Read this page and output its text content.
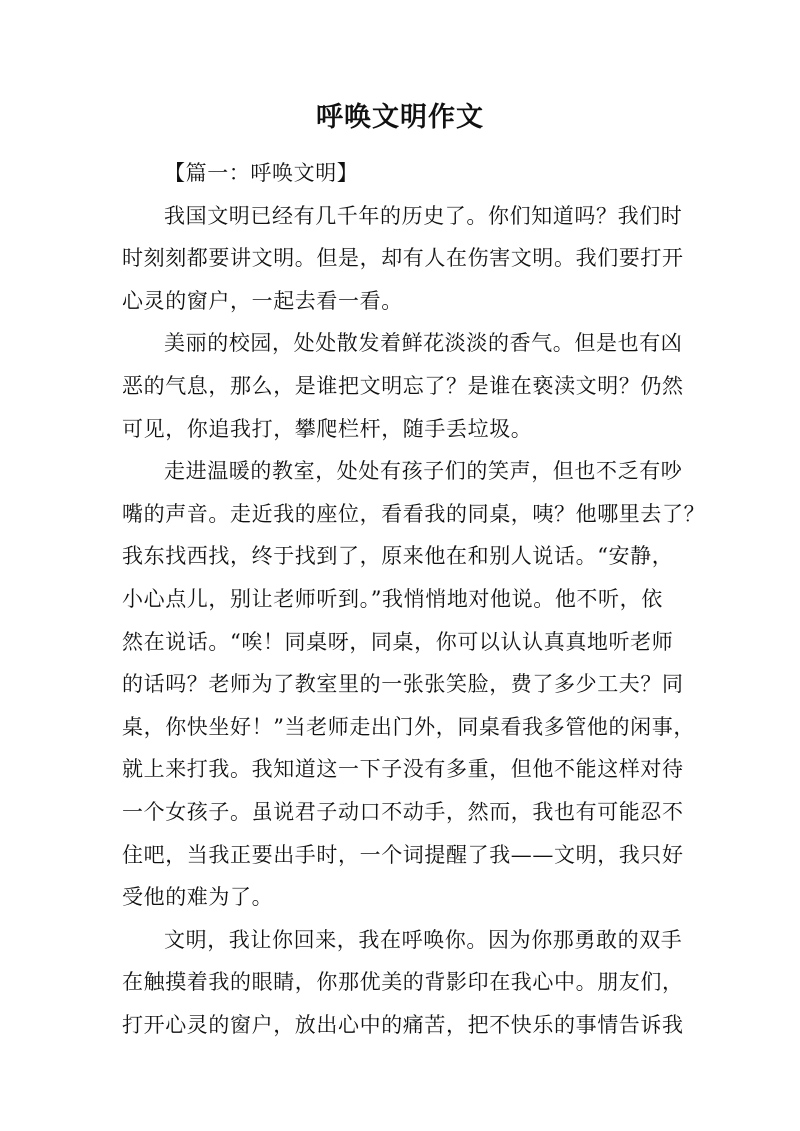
呼唤文明作文
【篇一：呼唤文明】
我国文明已经有几千年的历史了。你们知道吗？我们时
时刻刻都要讲文明。但是，却有人在伤害文明。我们要打开
心灵的窗户，一起去看一看。
美丽的校园，处处散发着鲜花淡淡的香气。但是也有凶
恶的气息，那么，是谁把文明忘了？是谁在亵渎文明？仍然
可见，你追我打，攀爬栏杆，随手丢垃圾。
走进温暖的教室，处处有孩子们的笑声，但也不乏有吵
嘴的声音。走近我的座位，看看我的同桌，咦？他哪里去了？
我东找西找，终于找到了，原来他在和别人说话。“安静，
小心点儿，别让老师听到。”我悄悄地对他说。他不听，依
然在说话。“唉！同桌呀，同桌，你可以认认真真地听老师
的话吗？老师为了教室里的一张张笑脸，费了多少工夫？同
桌，你快坐好！”当老师走出门外，同桌看我多管他的闲事，
就上来打我。我知道这一下子没有多重，但他不能这样对待
一个女孩子。虽说君子动口不动手，然而，我也有可能忍不
住吧，当我正要出手时，一个词提醒了我——文明，我只好
受他的难为了。
文明，我让你回来，我在呼唤你。因为你那勇敢的双手
在触摸着我的眼睛，你那优美的背影印在我心中。朋友们，
打开心灵的窗户，放出心中的痛苦，把不快乐的事情告诉我
